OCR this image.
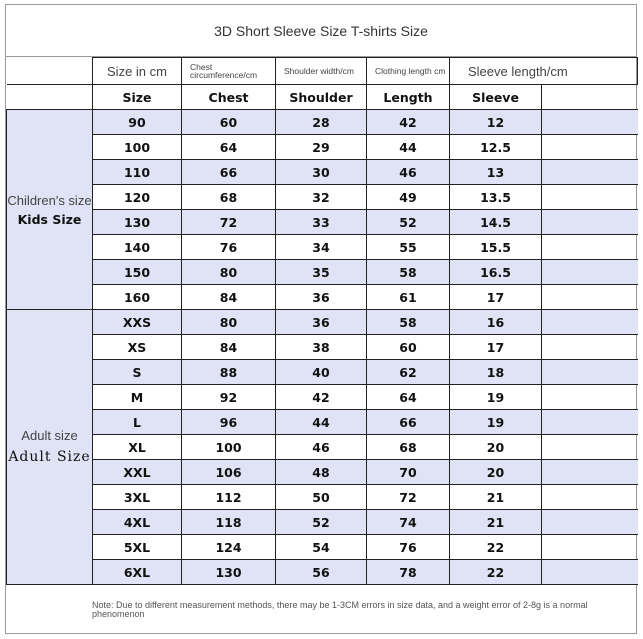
3D Short Sleeve Size T-shirts Size
	Size in cm	Chest circumference/cm	Shoulder width/cm	Clothing length cm	Sleeve length/cm	
	Size	Chest	Shoulder	Length	Sleeve	

Children's size
Kids Size	90	60	28	42	12	
	100	64	29	44	12.5	
	110	66	30	46	13	
	120	68	32	49	13.5	
	130	72	33	52	14.5	
	140	76	34	55	15.5	
	150	80	35	58	16.5	
	160	84	36	61	17	

Adult size
Adult Size	XXS	80	36	58	16	
	XS	84	38	60	17	
	S	88	40	62	18	
	M	92	42	64	19	
	L	96	44	66	19	
	XL	100	46	68	20	
	XXL	106	48	70	20	
	3XL	112	50	72	21	
	4XL	118	52	74	21	
	5XL	124	54	76	22	
	6XL	130	56	78	22	
Note: Due to different measurement methods, there may be 1-3CM errors in size data, and a weight error of 2-8g is a normal phenomenon
